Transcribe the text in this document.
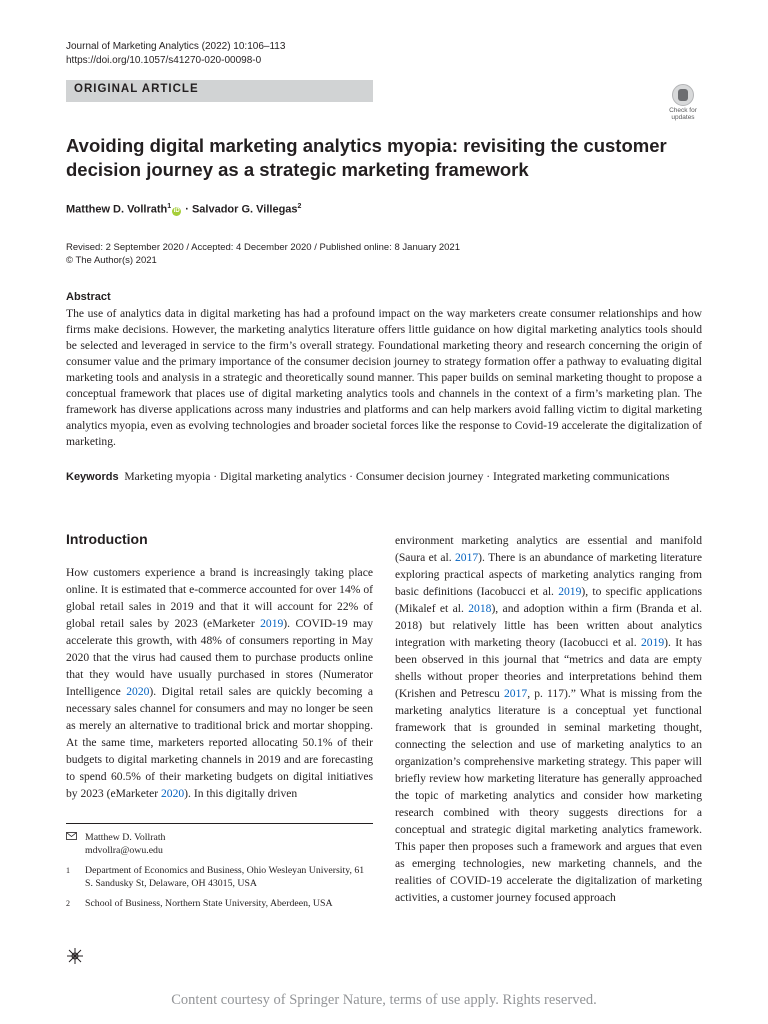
Journal of Marketing Analytics (2022) 10:106–113
https://doi.org/10.1057/s41270-020-00098-0
ORIGINAL ARTICLE
Check for
updates
Avoiding digital marketing analytics myopia: revisiting the customer decision journey as a strategic marketing framework
Matthew D. Vollrath$^1$iD · Salvador G. Villegas$^2$
Revised: 2 September 2020 / Accepted: 4 December 2020 / Published online: 8 January 2021
© The Author(s) 2021
Abstract
The use of analytics data in digital marketing has had a profound impact on the way marketers create consumer relationships and how firms make decisions. However, the marketing analytics literature offers little guidance on how digital marketing analytics tools should be selected and leveraged in service to the firm’s overall strategy. Foundational marketing theory and research concerning the origin of consumer value and the primary importance of the consumer decision journey to strategy formation offer a pathway to evaluating digital marketing tools and analysis in a strategic and theoretically sound manner. This paper builds on seminal marketing thought to propose a conceptual framework that places use of digital marketing analytics tools and channels in the context of a firm’s marketing plan. The framework has diverse applications across many industries and platforms and can help markers avoid falling victim to digital marketing analytics myopia, even as evolving technologies and broader societal forces like the response to Covid-19 accelerate the digitalization of marketing.
Keywords Marketing myopia · Digital marketing analytics · Consumer decision journey · Integrated marketing communications
Introduction
How customers experience a brand is increasingly taking place online. It is estimated that e-commerce accounted for over 14% of global retail sales in 2019 and that it will account for 22% of global retail sales by 2023 (eMarketer 2019). COVID-19 may accelerate this growth, with 48% of consumers reporting in May 2020 that the virus had caused them to purchase products online that they would have usually purchased in stores (Numerator Intelligence 2020). Digital retail sales are quickly becoming a necessary sales channel for consumers and may no longer be seen as merely an alternative to traditional brick and mortar shopping. At the same time, marketers reported allocating 50.1% of their budgets to digital marketing channels in 2019 and are forecasting to spend 60.5% of their marketing budgets on digital initiatives by 2023 (eMarketer 2020). In this digitally driven
environment marketing analytics are essential and manifold (Saura et al. 2017). There is an abundance of marketing literature exploring practical aspects of marketing analytics ranging from basic definitions (Iacobucci et al. 2019), to specific applications (Mikalef et al. 2018), and adoption within a firm (Branda et al. 2018) but relatively little has been written about analytics integration with marketing theory (Iacobucci et al. 2019). It has been observed in this journal that “metrics and data are empty shells without proper theories and interpretations behind them (Krishen and Petrescu 2017, p. 117).” What is missing from the marketing analytics literature is a conceptual yet functional framework that is grounded in seminal marketing thought, connecting the selection and use of marketing analytics to an organization’s comprehensive marketing strategy. This paper will briefly review how marketing literature has generally approached the topic of marketing analytics and consider how marketing research combined with theory suggests directions for a conceptual and strategic digital marketing analytics framework. This paper then proposes such a framework and argues that even as emerging technologies, new marketing channels, and the realities of COVID-19 accelerate the digitalization of marketing activities, a customer journey focused approach
Matthew D. Vollrath
mdvollra@owu.edu
1 Department of Economics and Business, Ohio Wesleyan University, 61 S. Sandusky St, Delaware, OH 43015, USA
2 School of Business, Northern State University, Aberdeen, USA
Content courtesy of Springer Nature, terms of use apply. Rights reserved.
